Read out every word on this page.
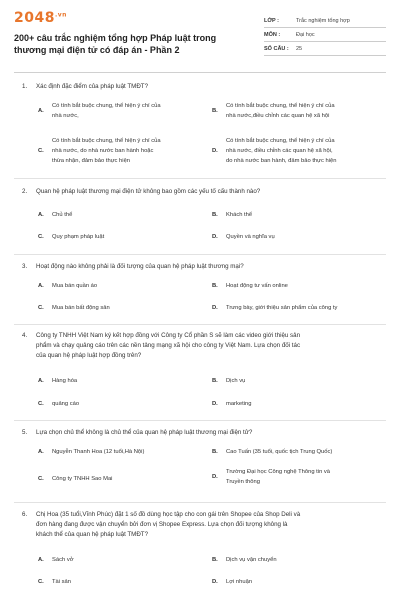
$2048^{.vn}$
200+ câu trắc nghiệm tổng hợp Pháp luật trong thương mại điện tử có đáp án - Phần 2
LỚP :	Trắc nghiệm tổng hợp
MÔN :	Đại học
SỐ CÂU :	25
1. Xác định đặc điểm của pháp luật TMĐT?
A.
Có tính bắt buộc chung, thể hiện ý chí của
nhà nước,
B.
Có tính bắt buộc chung, thể hiện ý chí của
nhà nước,điều chỉnh các quan hệ xã hội
C.
Có tính bắt buộc chung, thể hiện ý chí của
nhà nước, do nhà nước ban hành hoặc
thừa nhận, đảm bảo thực hiện
D.
Có tính bắt buộc chung, thể hiện ý chí của
nhà nước, điều chỉnh các quan hệ xã hội,
do nhà nước ban hành, đảm bảo thực hiện
2. Quan hệ pháp luật thương mại điện tử không bao gồm các yếu tố cấu thành nào?
A. Chủ thể	B. Khách thể
C. Quy phạm pháp luật	D. Quyền và nghĩa vụ
3. Hoạt động nào không phải là đối tượng của quan hệ pháp luật thương mại?
A. Mua bán quần áo	B. Hoạt động tư vấn online
C. Mua bán bất động sản	D. Trưng bày, giới thiệu sản phẩm của công ty
4. Công ty TNHH Việt Nam ký kết hợp đồng với Công ty Cổ phần S sẽ làm các video giới thiệu sản
phẩm và chạy quảng cáo trên các nền tảng mạng xã hội cho công ty Việt Nam. Lựa chọn đối tác
của quan hệ pháp luật hợp đồng trên?
A. Hàng hóa	B. Dịch vụ
C. quảng cáo	D. marketing
5. Lựa chọn chủ thể không là chủ thể của quan hệ pháp luật thương mại điện tử?
A. Nguyễn Thanh Hoa (12 tuổi,Hà Nội)	B. Cao Tuấn (35 tuổi, quốc tịch Trung Quốc)
C. Công ty TNHH Sao Mai	D.
Trường Đại học Công nghệ Thông tin và
Truyền thông
6. Chị Hoa (35 tuổi,Vĩnh Phúc) đặt 1 số đồ dùng học tập cho con gái trên Shopee của Shop Deli và
đơn hàng đang được vận chuyển bởi đơn vị Shopee Express. Lựa chọn đối tượng không là
khách thể của quan hệ pháp luật TMĐT?
A. Sách vở	B. Dịch vụ vận chuyển
C. Tài sản	D. Lợi nhuận
